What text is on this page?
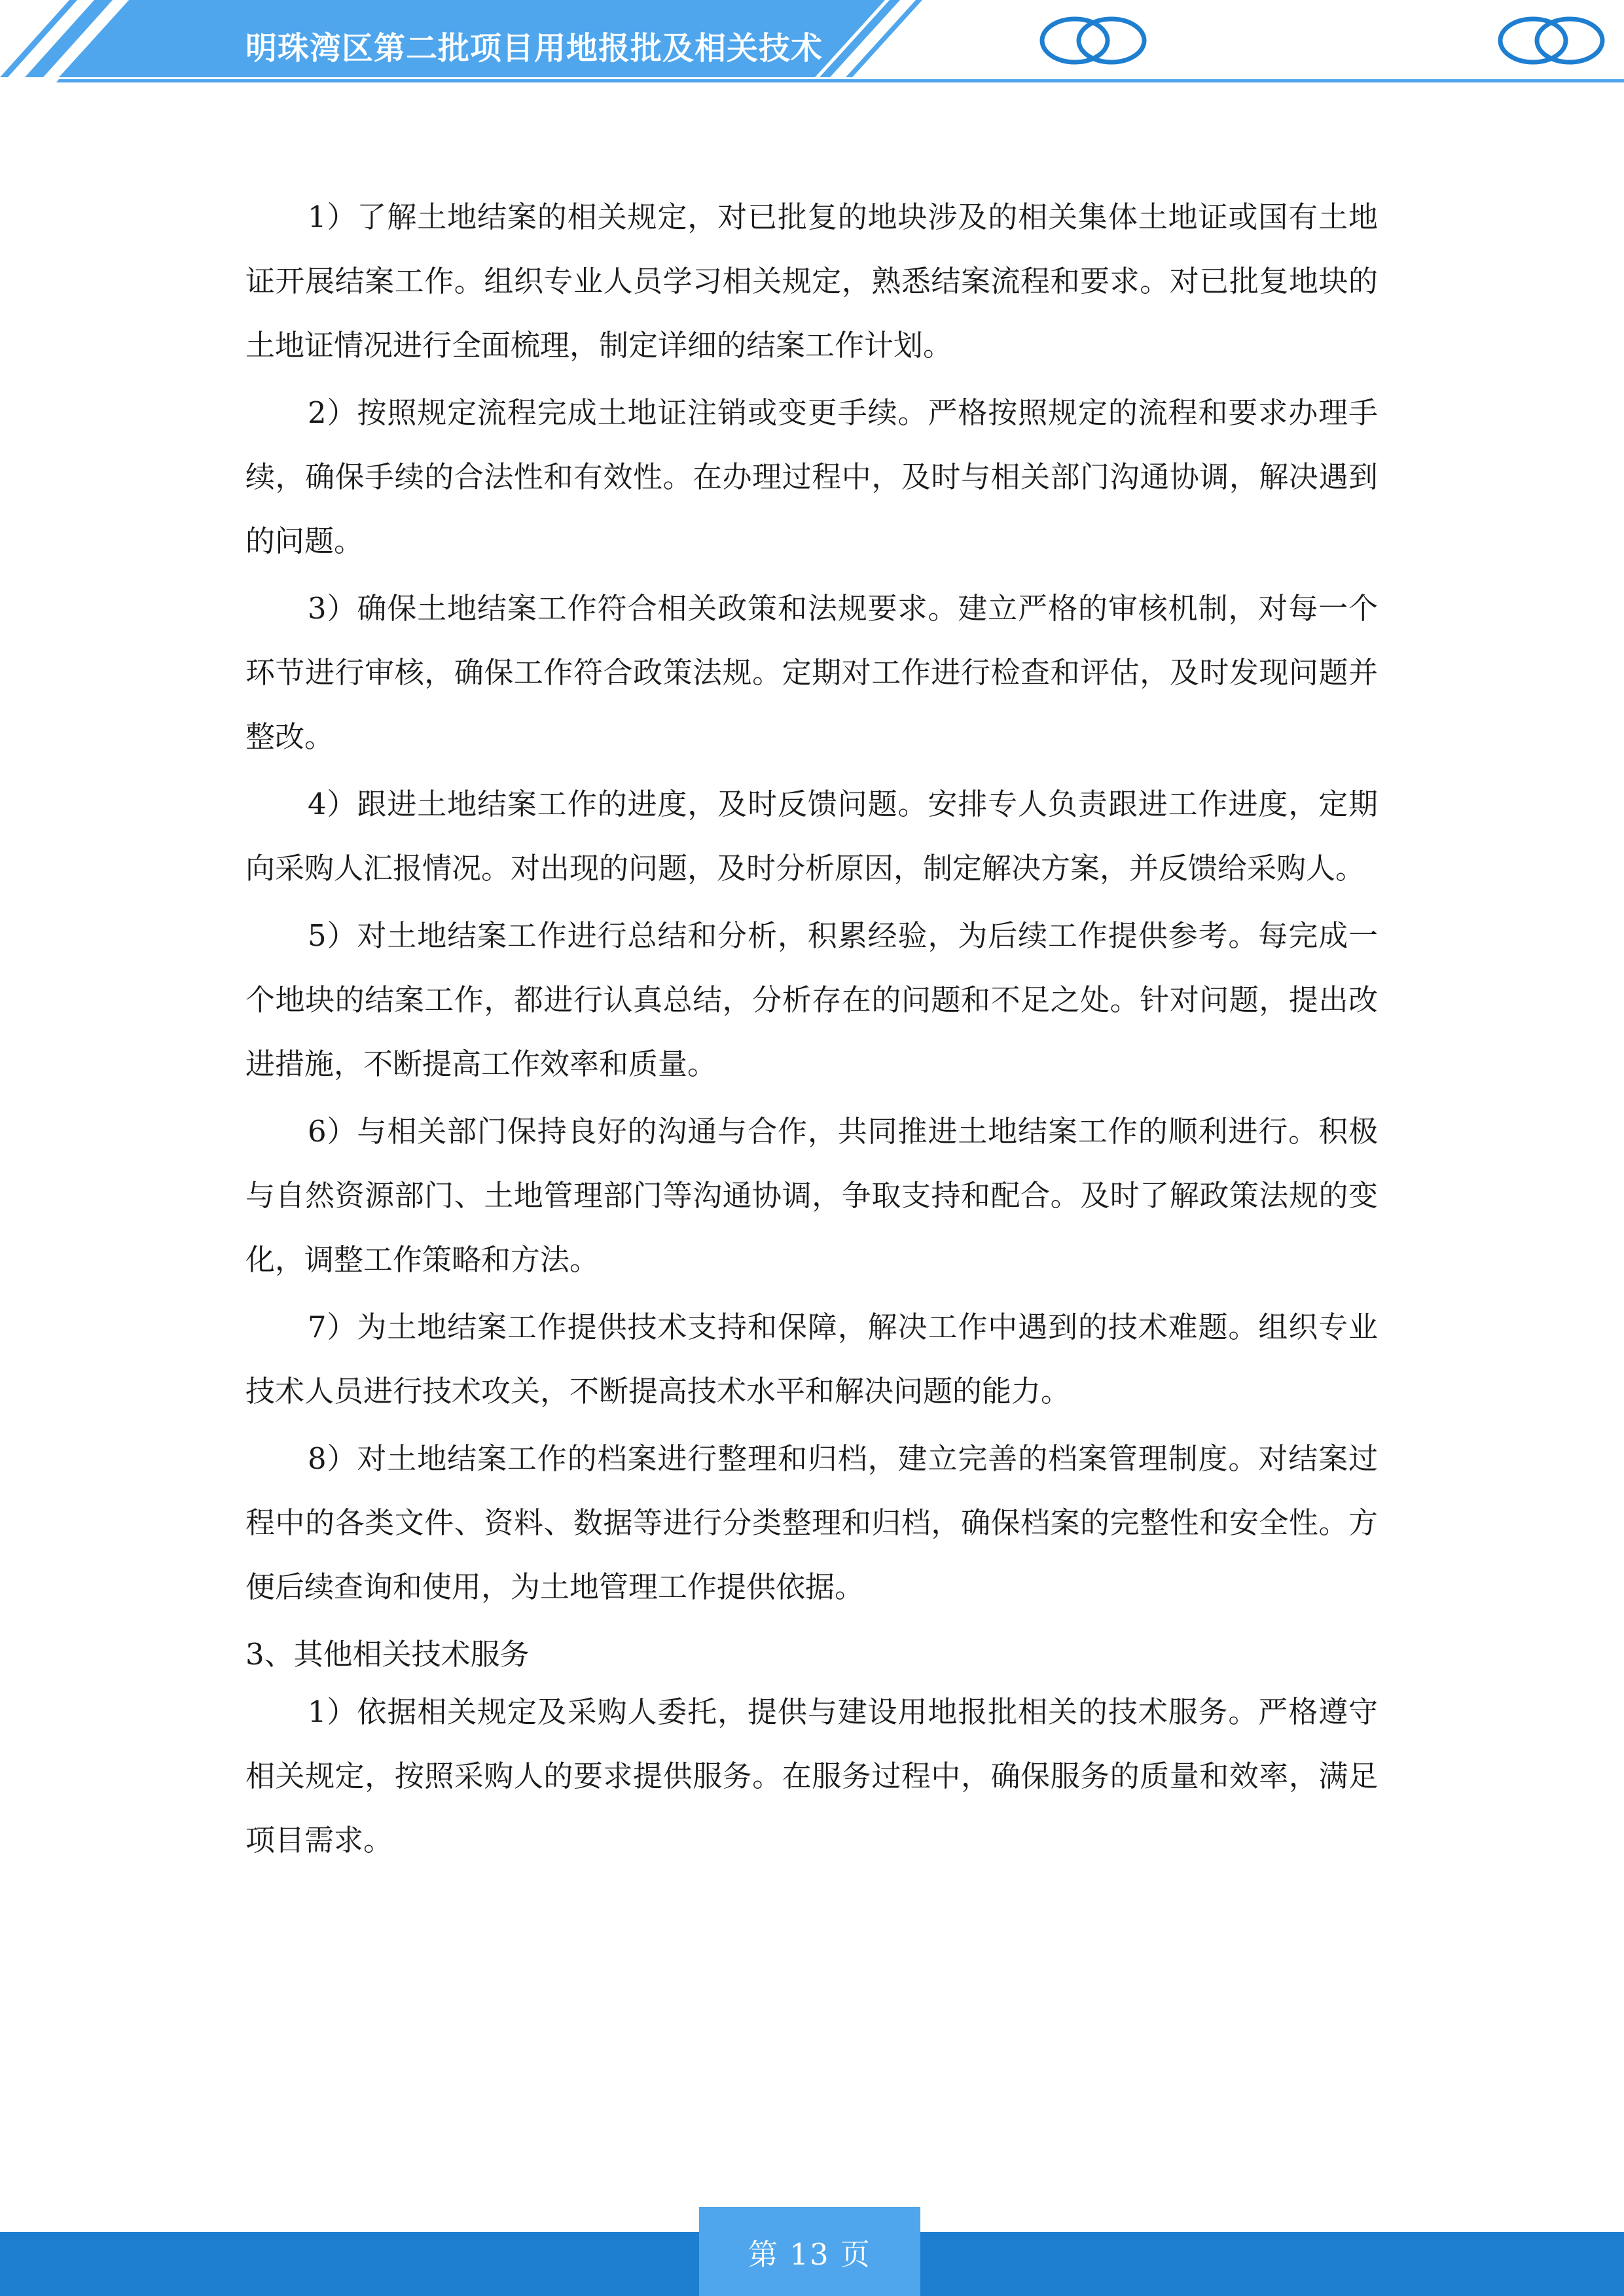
明珠湾区第二批项目用地报批及相关技术

1）了解土地结案的相关规定，对已批复的地块涉及的相关集体土地证或国有土地证开展结案工作。组织专业人员学习相关规定，熟悉结案流程和要求。对已批复地块的土地证情况进行全面梳理，制定详细的结案工作计划。

2）按照规定流程完成土地证注销或变更手续。严格按照规定的流程和要求办理手续，确保手续的合法性和有效性。在办理过程中，及时与相关部门沟通协调，解决遇到的问题。

3）确保土地结案工作符合相关政策和法规要求。建立严格的审核机制，对每一个环节进行审核，确保工作符合政策法规。定期对工作进行检查和评估，及时发现问题并整改。

4）跟进土地结案工作的进度，及时反馈问题。安排专人负责跟进工作进度，定期向采购人汇报情况。对出现的问题，及时分析原因，制定解决方案，并反馈给采购人。

5）对土地结案工作进行总结和分析，积累经验，为后续工作提供参考。每完成一个地块的结案工作，都进行认真总结，分析存在的问题和不足之处。针对问题，提出改进措施，不断提高工作效率和质量。

6）与相关部门保持良好的沟通与合作，共同推进土地结案工作的顺利进行。积极与自然资源部门、土地管理部门等沟通协调，争取支持和配合。及时了解政策法规的变化，调整工作策略和方法。

7）为土地结案工作提供技术支持和保障，解决工作中遇到的技术难题。组织专业技术人员进行技术攻关，不断提高技术水平和解决问题的能力。

8）对土地结案工作的档案进行整理和归档，建立完善的档案管理制度。对结案过程中的各类文件、资料、数据等进行分类整理和归档，确保档案的完整性和安全性。方便后续查询和使用，为土地管理工作提供依据。

3、其他相关技术服务

1）依据相关规定及采购人委托，提供与建设用地报批相关的技术服务。严格遵守相关规定，按照采购人的要求提供服务。在服务过程中，确保服务的质量和效率，满足项目需求。

第 13 页
